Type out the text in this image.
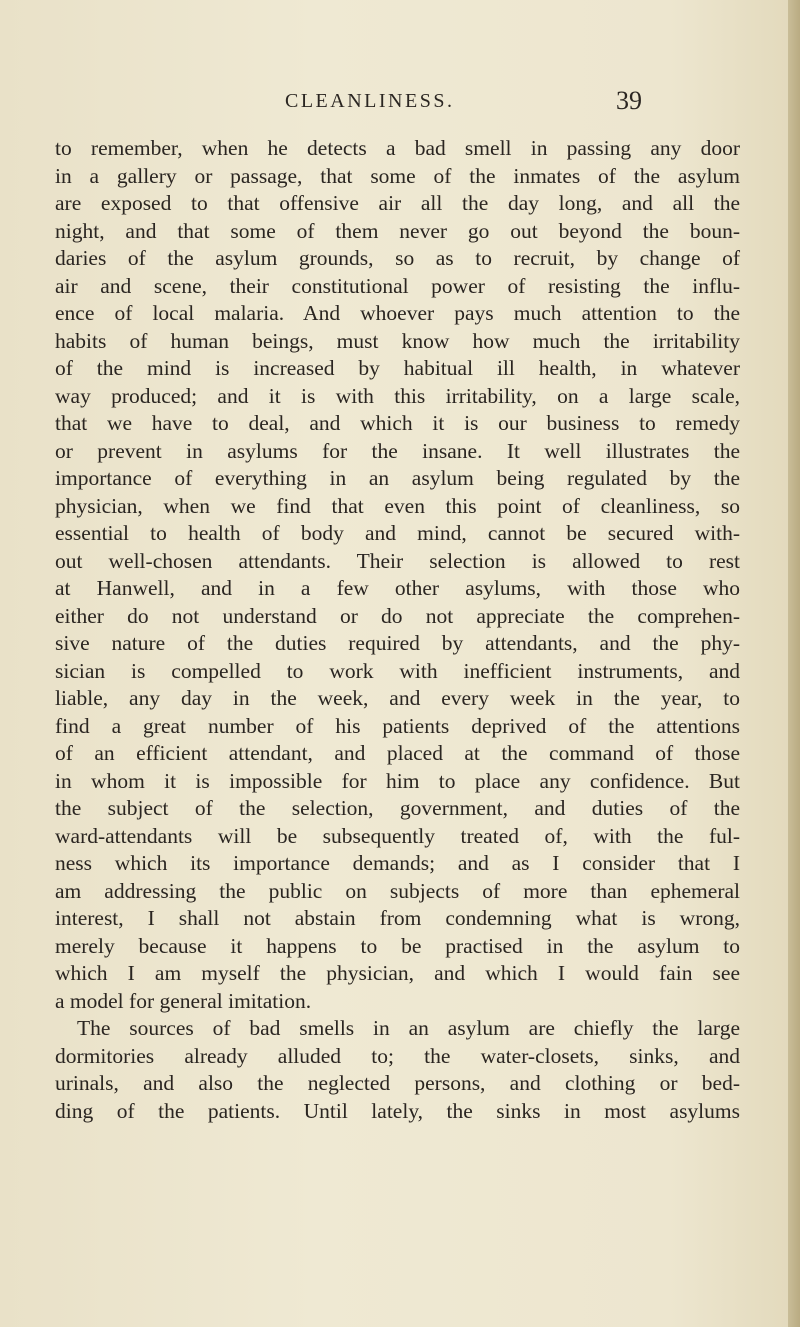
CLEANLINESS.	39
to remember, when he detects a bad smell in passing any door
in a gallery or passage, that some of the inmates of the asylum
are exposed to that offensive air all the day long, and all the
night, and that some of them never go out beyond the boun-
daries of the asylum grounds, so as to recruit, by change of
air and scene, their constitutional power of resisting the influ-
ence of local malaria. And whoever pays much attention to the
habits of human beings, must know how much the irritability
of the mind is increased by habitual ill health, in whatever
way produced; and it is with this irritability, on a large scale,
that we have to deal, and which it is our business to remedy
or prevent in asylums for the insane. It well illustrates the
importance of everything in an asylum being regulated by the
physician, when we find that even this point of cleanliness, so
essential to health of body and mind, cannot be secured with-
out well-chosen attendants. Their selection is allowed to rest
at Hanwell, and in a few other asylums, with those who
either do not understand or do not appreciate the comprehen-
sive nature of the duties required by attendants, and the phy-
sician is compelled to work with inefficient instruments, and
liable, any day in the week, and every week in the year, to
find a great number of his patients deprived of the attentions
of an efficient attendant, and placed at the command of those
in whom it is impossible for him to place any confidence. But
the subject of the selection, government, and duties of the
ward-attendants will be subsequently treated of, with the ful-
ness which its importance demands; and as I consider that I
am addressing the public on subjects of more than ephemeral
interest, I shall not abstain from condemning what is wrong,
merely because it happens to be practised in the asylum to
which I am myself the physician, and which I would fain see
a model for general imitation.
The sources of bad smells in an asylum are chiefly the large
dormitories already alluded to; the water-closets, sinks, and
urinals, and also the neglected persons, and clothing or bed-
ding of the patients. Until lately, the sinks in most asylums
